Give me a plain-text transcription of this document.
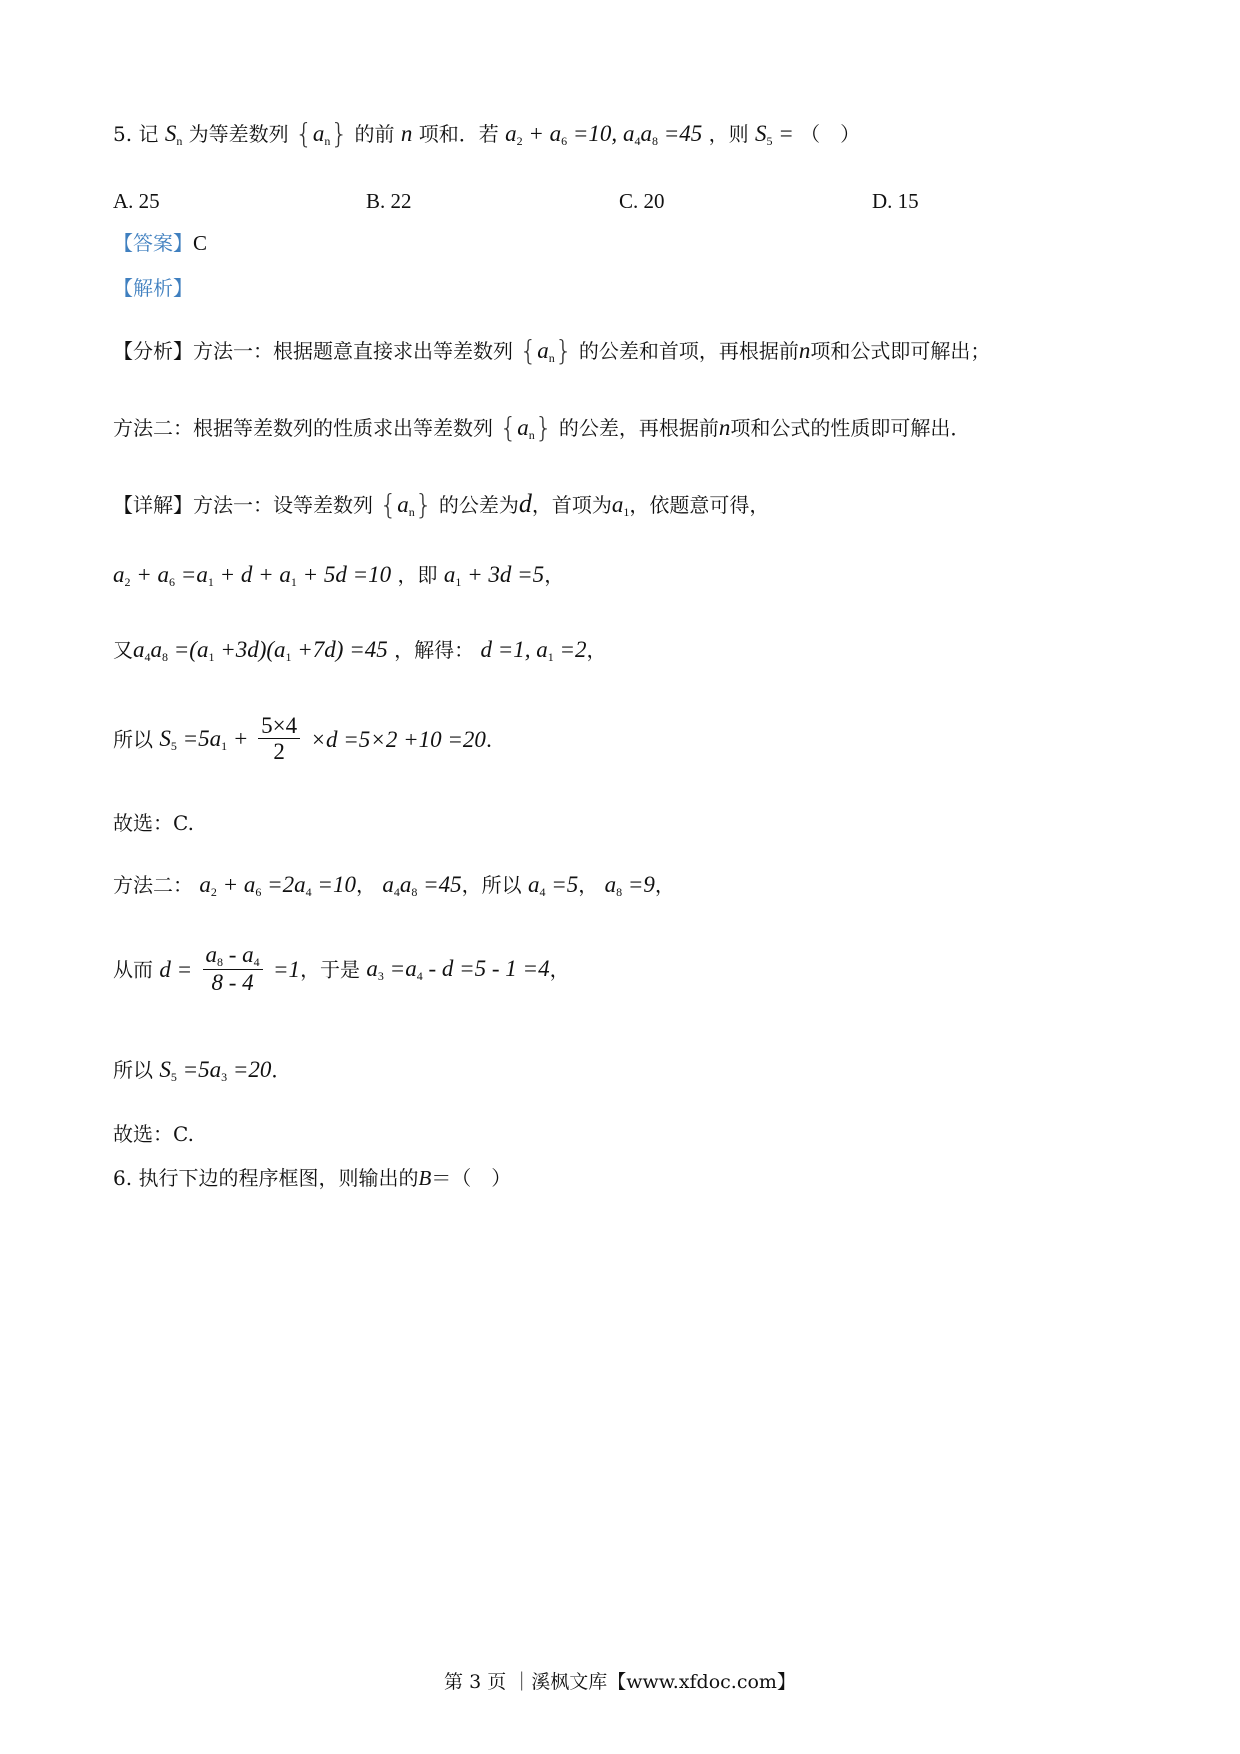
5. 记 $S_n$ 为等差数列 $\{a_n\}$ 的前 n 项和．若 $a_2 + a_6 =10$, $a_4a_8 =45$ ，则 $S_5$ = （　）
A. 25	B. 22	C. 20	D. 15
【答案】C
【解析】
【分析】方法一：根据题意直接求出等差数列 $\{a_n\}$ 的公差和首项，再根据前n项和公式即可解出；
方法二：根据等差数列的性质求出等差数列 $\{a_n\}$ 的公差，再根据前n项和公式的性质即可解出．
【详解】方法一：设等差数列 $\{a_n\}$ 的公差为d，首项为$a_1$，依题意可得，
$a_2 + a_6 =a_1 + d + a_1 + 5d =10$ ，即 $a_1 + 3d =5$，
又$a_4a_8 =(a_1 +3d)(a_1 +7d) =45$ ，解得： d =1, $a_1 =2$，
所以 $S_5 =5a_1 + \frac{5\times 4}{2} \times d =5\times 2 +10 =20$．
故选：C.
方法二： $a_2 + a_6 =2a_4 =10$， $a_4a_8 =45$，所以 $a_4 =5$， $a_8 =9$，
从而 $d = \frac{a_8 - a_4}{8 - 4} =1$，于是 $a_3 =a_4 - d =5 - 1 =4$，
所以 $S_5 =5a_3 =20$．
故选：C.
6. 执行下边的程序框图，则输出的B＝（　）
第 3 页 ｜溪枫文库【www.xfdoc.com】
